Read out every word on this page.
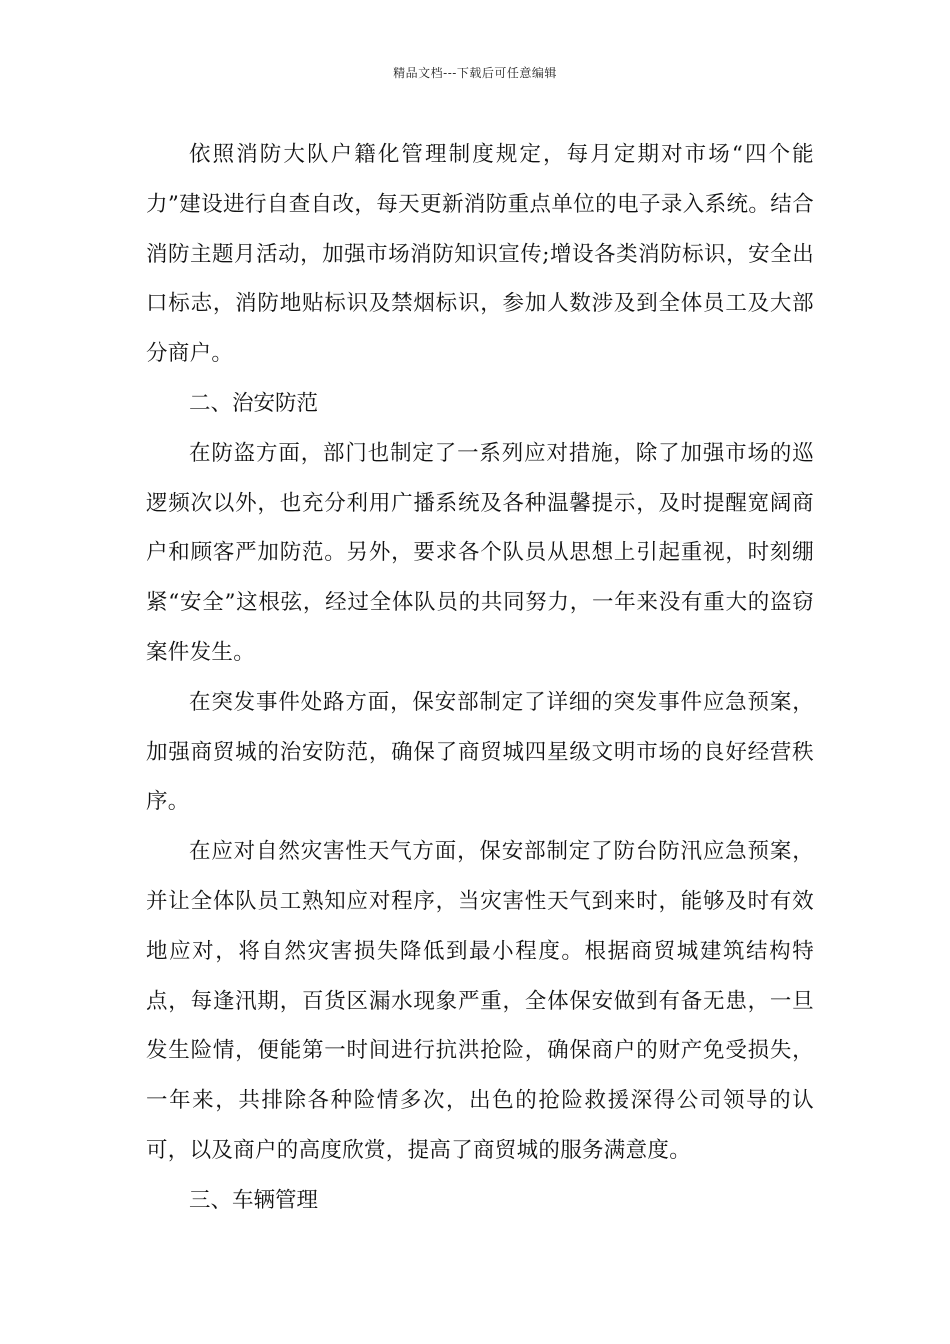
精品文档---下载后可任意编辑

依照消防大队户籍化管理制度规定，每月定期对市场“四个能力”建设进行自查自改，每天更新消防重点单位的电子录入系统。结合消防主题月活动，加强市场消防知识宣传;增设各类消防标识，安全出口标志，消防地贴标识及禁烟标识，参加人数涉及到全体员工及大部分商户。

二、治安防范

在防盗方面，部门也制定了一系列应对措施，除了加强市场的巡逻频次以外，也充分利用广播系统及各种温馨提示，及时提醒宽阔商户和顾客严加防范。另外，要求各个队员从思想上引起重视，时刻绷紧“安全”这根弦，经过全体队员的共同努力，一年来没有重大的盗窃案件发生。

在突发事件处路方面，保安部制定了详细的突发事件应急预案，加强商贸城的治安防范，确保了商贸城四星级文明市场的良好经营秩序。

在应对自然灾害性天气方面，保安部制定了防台防汛应急预案，并让全体队员工熟知应对程序，当灾害性天气到来时，能够及时有效地应对，将自然灾害损失降低到最小程度。根据商贸城建筑结构特点，每逢汛期，百货区漏水现象严重，全体保安做到有备无患，一旦发生险情，便能第一时间进行抗洪抢险，确保商户的财产免受损失，一年来，共排除各种险情多次，出色的抢险救援深得公司领导的认可，以及商户的高度欣赏，提高了商贸城的服务满意度。

三、车辆管理
